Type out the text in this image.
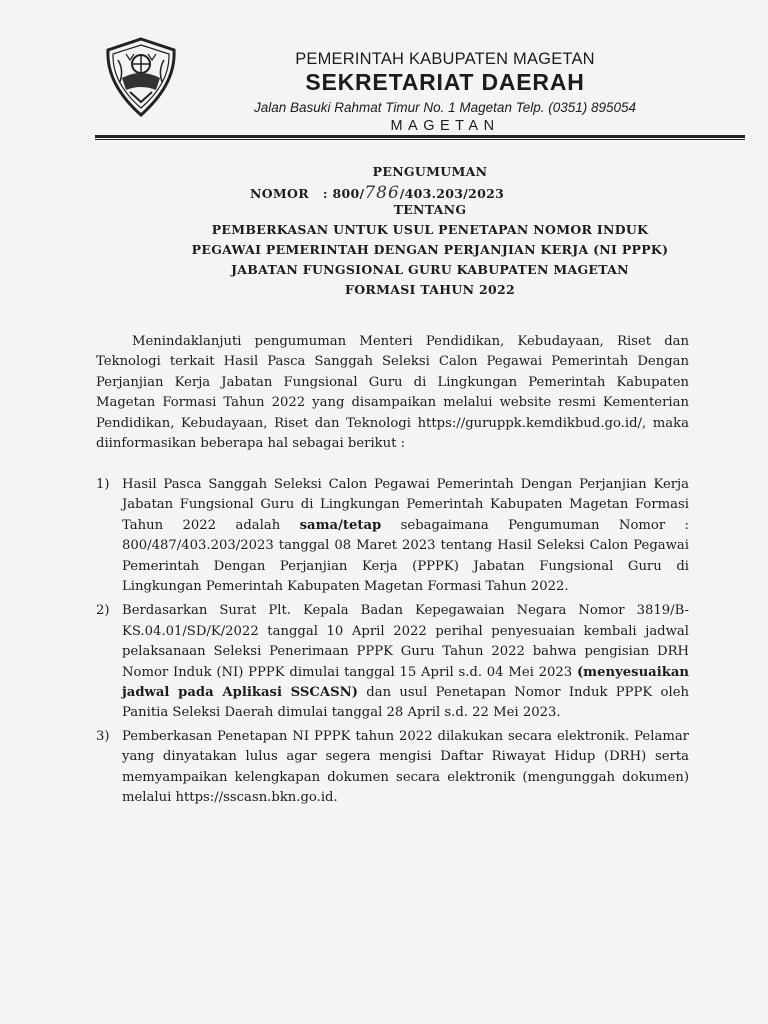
PEMERINTAH KABUPATEN MAGETAN
SEKRETARIAT DAERAH
Jalan Basuki Rahmat Timur No. 1 Magetan Telp. (0351) 895054
MAGETAN
PENGUMUMAN
NOMOR   : 800/786/403.203/2023
TENTANG
PEMBERKASAN UNTUK USUL PENETAPAN NOMOR INDUK
PEGAWAI PEMERINTAH DENGAN PERJANJIAN KERJA (NI PPPK)
JABATAN FUNGSIONAL GURU KABUPATEN MAGETAN
FORMASI TAHUN 2022

Menindaklanjuti pengumuman Menteri Pendidikan, Kebudayaan, Riset dan Teknologi terkait Hasil Pasca Sanggah Seleksi Calon Pegawai Pemerintah Dengan Perjanjian Kerja Jabatan Fungsional Guru di Lingkungan Pemerintah Kabupaten Magetan Formasi Tahun 2022 yang disampaikan melalui website resmi Kementerian Pendidikan, Kebudayaan, Riset dan Teknologi https://guruppk.kemdikbud.go.id/, maka diinformasikan beberapa hal sebagai berikut :

1) Hasil Pasca Sanggah Seleksi Calon Pegawai Pemerintah Dengan Perjanjian Kerja Jabatan Fungsional Guru di Lingkungan Pemerintah Kabupaten Magetan Formasi Tahun 2022 adalah sama/tetap sebagaimana Pengumuman Nomor : 800/487/403.203/2023 tanggal 08 Maret 2023 tentang Hasil Seleksi Calon Pegawai Pemerintah Dengan Perjanjian Kerja (PPPK) Jabatan Fungsional Guru di Lingkungan Pemerintah Kabupaten Magetan Formasi Tahun 2022.
2) Berdasarkan Surat Plt. Kepala Badan Kepegawaian Negara Nomor 3819/B-KS.04.01/SD/K/2022 tanggal 10 April 2022 perihal penyesuaian kembali jadwal pelaksanaan Seleksi Penerimaan PPPK Guru Tahun 2022 bahwa pengisian DRH Nomor Induk (NI) PPPK dimulai tanggal 15 April s.d. 04 Mei 2023 (menyesuaikan jadwal pada Aplikasi SSCASN) dan usul Penetapan Nomor Induk PPPK oleh Panitia Seleksi Daerah dimulai tanggal 28 April s.d. 22 Mei 2023.
3) Pemberkasan Penetapan NI PPPK tahun 2022 dilakukan secara elektronik. Pelamar yang dinyatakan lulus agar segera mengisi Daftar Riwayat Hidup (DRH) serta memyampaikan kelengkapan dokumen secara elektronik (mengunggah dokumen) melalui https://sscasn.bkn.go.id.
